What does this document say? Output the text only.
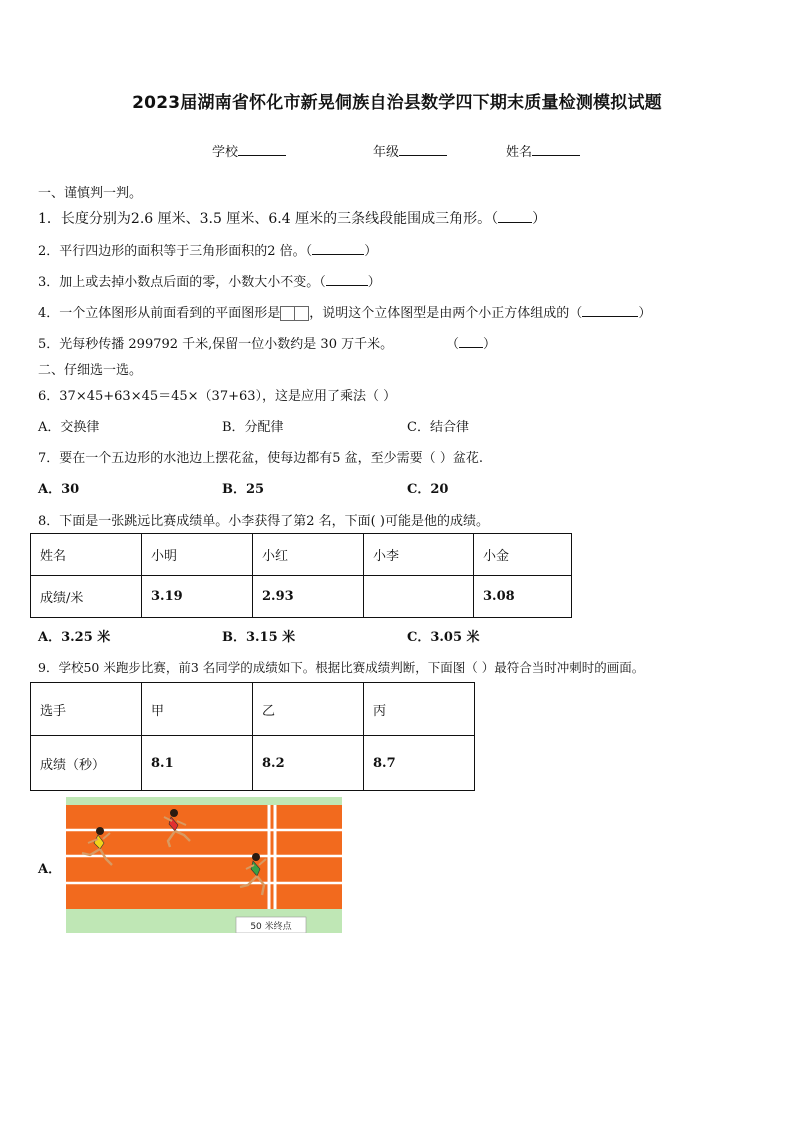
2023届湖南省怀化市新晃侗族自治县数学四下期末质量检测模拟试题
学校	年级	姓名
一、谨慎判一判。
1．长度分别为2.6 厘米、3.5 厘米、6.4 厘米的三条线段能围成三角形。（ ）
2．平行四边形的面积等于三角形面积的2 倍。（	）
3．加上或去掉小数点后面的零，小数大小不变。（	）
4．一个立体图形从前面看到的平面图形是 ，说明这个立体图型是由两个小正方体组成的（	）
5．光每秒传播 299792 千米,保留一位小数约是 30 万千米。	（ ）
二、仔细选一选。
6．37×45+63×45＝45×（37+63），这是应用了乘法（ ）
A．交换律	B．分配律	C．结合律
7．要在一个五边形的水池边上摆花盆，使每边都有5 盆，至少需要（ ）盆花.
A．30	B．25	C．20
8．下面是一张跳远比赛成绩单。小李获得了第2 名，下面( )可能是他的成绩。
姓名	小明	小红	小李	小金
成绩/米	3.19	2.93		3.08
A．3.25 米	B．3.15 米	C．3.05 米
9．学校50 米跑步比赛，前3 名同学的成绩如下。根据比赛成绩判断，下面图（ ）最符合当时冲刺时的画面。
选手	甲	乙	丙
成绩（秒）	8.1	8.2	8.7
A．
50 米终点
